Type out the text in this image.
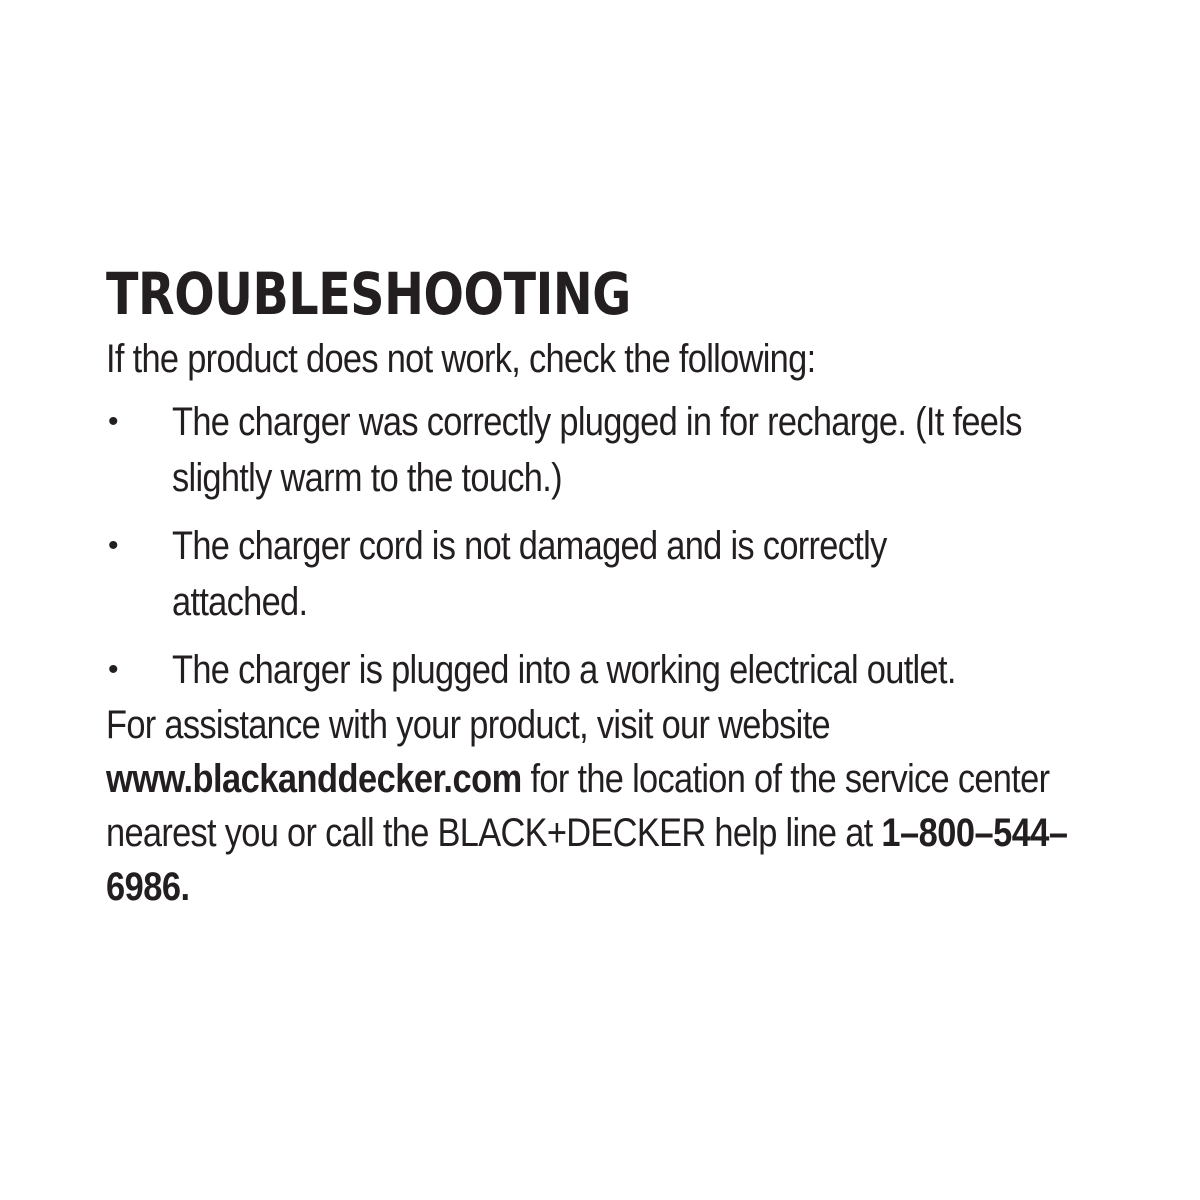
TROUBLESHOOTING

If the product does not work, check the following:

• The charger was correctly plugged in for recharge. (It feels slightly warm to the touch.)
• The charger cord is not damaged and is correctly attached.
• The charger is plugged into a working electrical outlet.

For assistance with your product, visit our website www.blackanddecker.com for the location of the service center nearest you or call the BLACK+DECKER help line at 1–800–544–6986.
